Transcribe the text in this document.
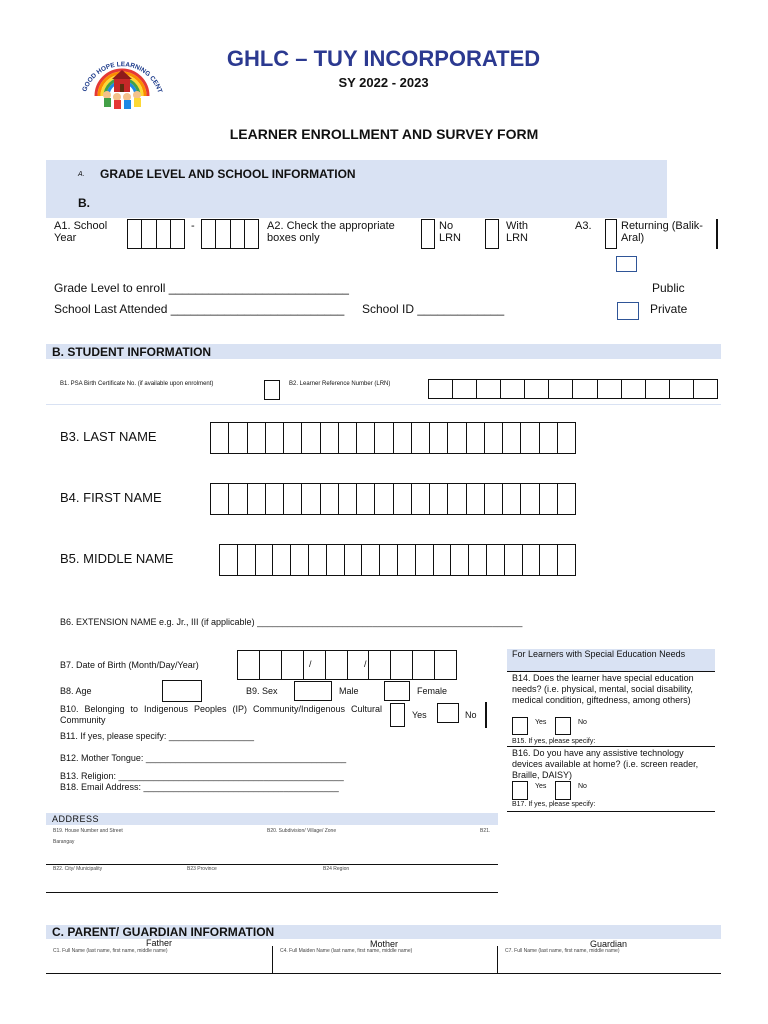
GOOD HOPE LEARNING CENT
GHLC – TUY INCORPORATED
SY 2022 - 2023
LEARNER ENROLLMENT AND SURVEY FORM
A. GRADE LEVEL AND SCHOOL INFORMATION
B.
A1. School Year
-	A2. Check the appropriate boxes only
No LRN
With LRN
A3.	Returning (Balik-Aral)
Grade Level to enroll ___________________________	Public
School Last Attended __________________________ School ID _____________	Private
B. STUDENT INFORMATION
B1. PSA Birth Certificate No. (if available upon enrolment)	B2. Learner Reference Number (LRN)
B3. LAST NAME
B4. FIRST NAME
B5. MIDDLE NAME
B6. EXTENSION NAME e.g. Jr., III (if applicable) _____________________________________________________
B7. Date of Birth (Month/Day/Year)	/	/
B8. Age	B9. Sex	Male	Female
B10. Belonging to Indigenous Peoples (IP) Community/Indigenous Cultural Community	Yes	No
B11. If yes, please specify: _________________
B12. Mother Tongue: ________________________________________
B13. Religion: _____________________________________________
B18. Email Address: _______________________________________
For Learners with Special Education Needs
B14. Does the learner have special education needs? (i.e. physical, mental, social disability, medical condition, giftedness, among others)
Yes	No
B15. If yes, please specify:
B16. Do you have any assistive technology devices available at home? (i.e. screen reader, Braille, DAISY)
Yes	No
B17. If yes, please specify:
ADDRESS
B19. House Number and Street
Barangay
B20. Subdivision/ Village/ Zone	B21.
B22. City/ Municipality	B23 Province	B24 Region
C. PARENT/ GUARDIAN INFORMATION
Father	Mother	Guardian
C1. Full Name (last name, first name, middle name)	C4. Full Maiden Name (last name, first name, middle name)	C7. Full Name (last name, first name, middle name)
